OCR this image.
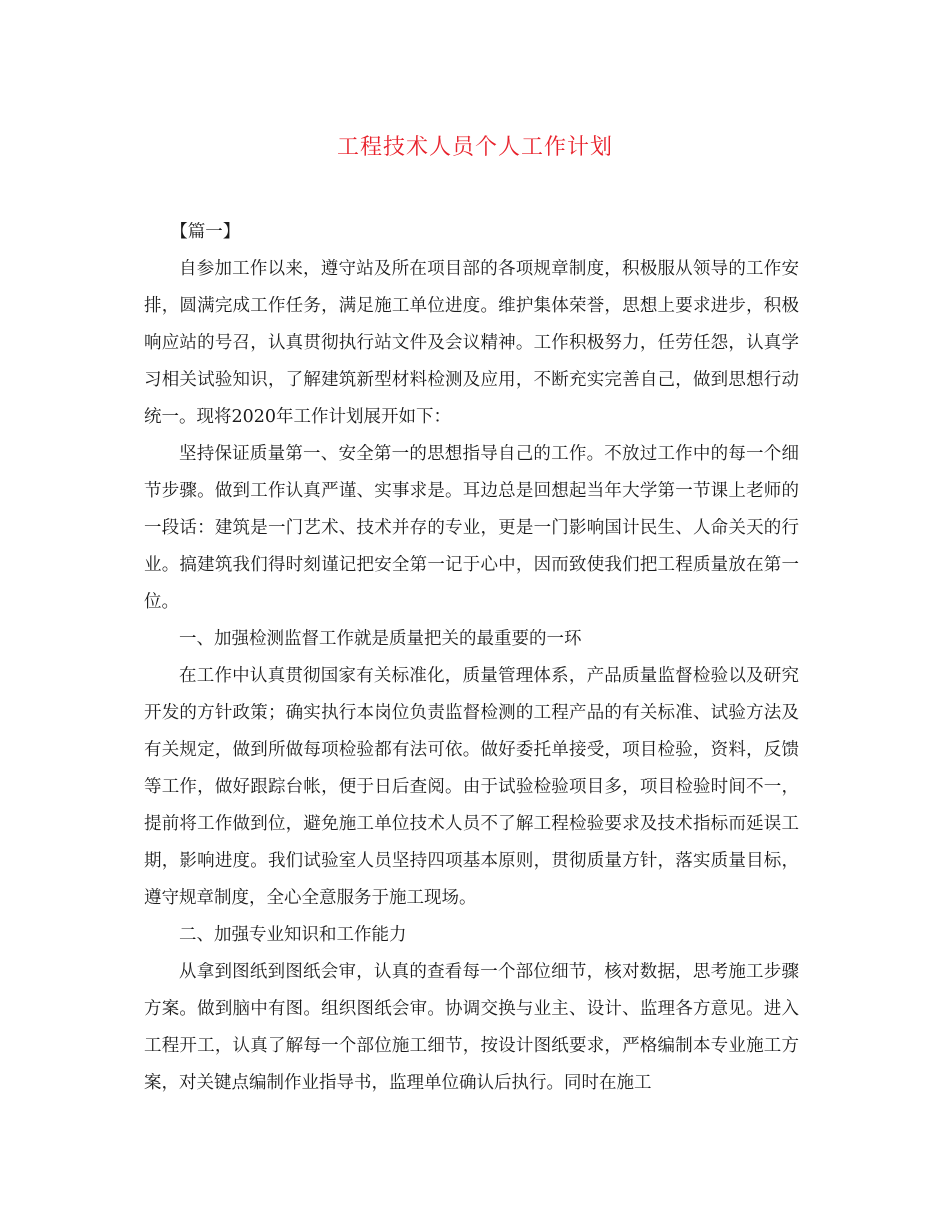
工程技术人员个人工作计划

【篇一】

自参加工作以来，遵守站及所在项目部的各项规章制度，积极服从领导的工作安排，圆满完成工作任务，满足施工单位进度。维护集体荣誉，思想上要求进步，积极响应站的号召，认真贯彻执行站文件及会议精神。工作积极努力，任劳任怨，认真学习相关试验知识，了解建筑新型材料检测及应用，不断充实完善自己，做到思想行动统一。现将2020年工作计划展开如下：

坚持保证质量第一、安全第一的思想指导自己的工作。不放过工作中的每一个细节步骤。做到工作认真严谨、实事求是。耳边总是回想起当年大学第一节课上老师的一段话：建筑是一门艺术、技术并存的专业，更是一门影响国计民生、人命关天的行业。搞建筑我们得时刻谨记把安全第一记于心中，因而致使我们把工程质量放在第一位。

一、加强检测监督工作就是质量把关的最重要的一环

在工作中认真贯彻国家有关标准化，质量管理体系，产品质量监督检验以及研究开发的方针政策；确实执行本岗位负责监督检测的工程产品的有关标准、试验方法及有关规定，做到所做每项检验都有法可依。做好委托单接受，项目检验，资料，反馈等工作，做好跟踪台帐，便于日后查阅。由于试验检验项目多，项目检验时间不一，提前将工作做到位，避免施工单位技术人员不了解工程检验要求及技术指标而延误工期，影响进度。我们试验室人员坚持四项基本原则，贯彻质量方针，落实质量目标，遵守规章制度，全心全意服务于施工现场。

二、加强专业知识和工作能力

从拿到图纸到图纸会审，认真的查看每一个部位细节，核对数据，思考施工步骤方案。做到脑中有图。组织图纸会审。协调交换与业主、设计、监理各方意见。进入工程开工，认真了解每一个部位施工细节，按设计图纸要求，严格编制本专业施工方案，对关键点编制作业指导书，监理单位确认后执行。同时在施工
